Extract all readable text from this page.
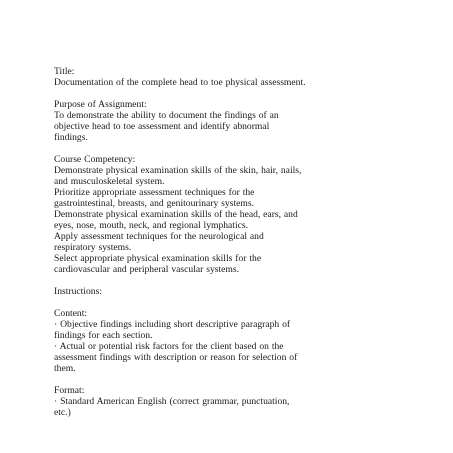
Title:
Documentation of the complete head to toe physical assessment.
Purpose of Assignment:
To demonstrate the ability to document the findings of an
objective head to toe assessment and identify abnormal
findings.
Course Competency:
Demonstrate physical examination skills of the skin, hair, nails,
and musculoskeletal system.
Prioritize appropriate assessment techniques for the
gastrointestinal, breasts, and genitourinary systems.
Demonstrate physical examination skills of the head, ears, and
eyes, nose, mouth, neck, and regional lymphatics.
Apply assessment techniques for the neurological and
respiratory systems.
Select appropriate physical examination skills for the
cardiovascular and peripheral vascular systems.
Instructions:
Content:
· Objective findings including short descriptive paragraph of
findings for each section.
· Actual or potential risk factors for the client based on the
assessment findings with description or reason for selection of
them.
Format:
· Standard American English (correct grammar, punctuation,
etc.)
